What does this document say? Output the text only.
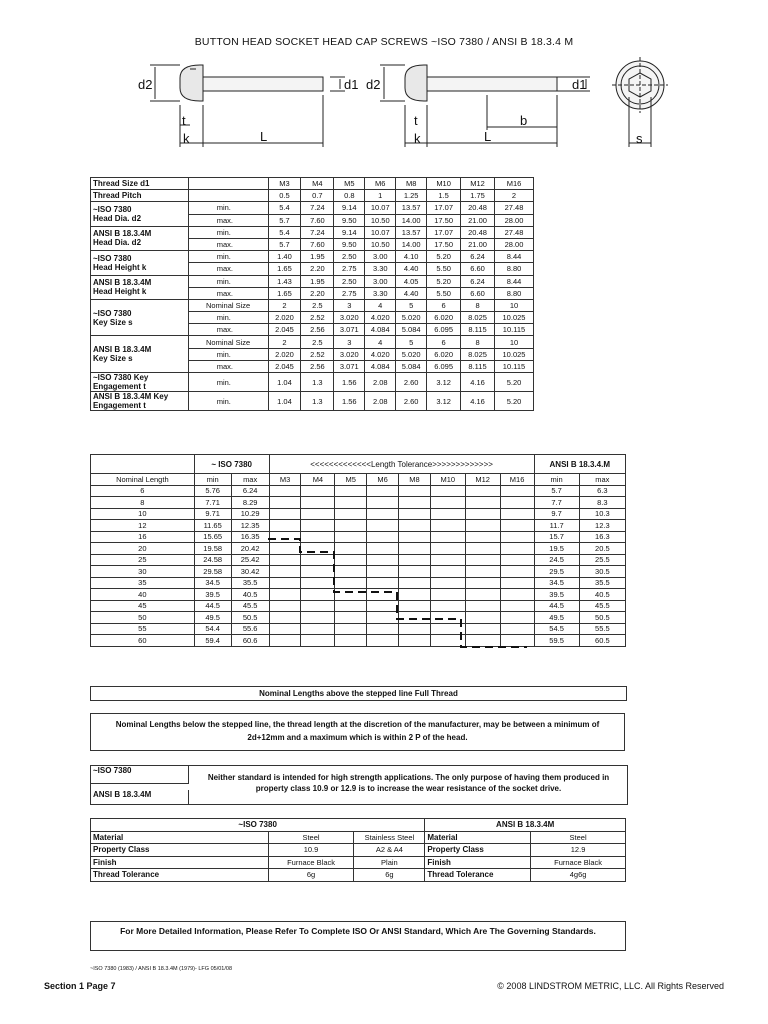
BUTTON HEAD SOCKET HEAD CAP SCREWS ~ISO 7380 / ANSI B 18.3.4 M
d2	d1
t
k	L
d2	d1
t
k	L
b
s
Thread Size d1		M3	M4	M5	M6	M8	M10	M12	M16
Thread Pitch		0.5	0.7	0.8	1	1.25	1.5	1.75	2

~ISO 7380
Head Dia. d2	min.	5.4	7.24	9.14	10.07	13.57	17.07	20.48	27.48
	max.	5.7	7.60	9.50	10.50	14.00	17.50	21.00	28.00

ANSI B 18.3.4M
Head Dia. d2	min.	5.4	7.24	9.14	10.07	13.57	17.07	20.48	27.48
	max.	5.7	7.60	9.50	10.50	14.00	17.50	21.00	28.00

~ISO 7380
Head Height k	min.	1.40	1.95	2.50	3.00	4.10	5.20	6.24	8.44
	max.	1.65	2.20	2.75	3.30	4.40	5.50	6.60	8.80

ANSI B 18.3.4M
Head Height k	min.	1.43	1.95	2.50	3.00	4.05	5.20	6.24	8.44
	max.	1.65	2.20	2.75	3.30	4.40	5.50	6.60	8.80

~ISO 7380
Key Size s	Nominal Size	2	2.5	3	4	5	6	8	10
	min.	2.020	2.52	3.020	4.020	5.020	6.020	8.025	10.025
	max.	2.045	2.56	3.071	4.084	5.084	6.095	8.115	10.115

ANSI B 18.3.4M
Key Size s	Nominal Size	2	2.5	3	4	5	6	8	10
	min.	2.020	2.52	3.020	4.020	5.020	6.020	8.025	10.025
	max.	2.045	2.56	3.071	4.084	5.084	6.095	8.115	10.115

~ISO 7380 Key
Engagement t	min.	1.04	1.3	1.56	2.08	2.60	3.12	4.16	5.20

ANSI B 18.3.4M Key
Engagement t	min.	1.04	1.3	1.56	2.08	2.60	3.12	4.16	5.20
	~ ISO 7380		<<<<<<<<<<<<<Length Tolerance>>>>>>>>>>>>>								ANSI B 18.3.4.M	
Nominal Length	min	max	M3	M4	M5	M6	M8	M10	M12	M16	min	max
6	5.76	6.24									5.7	6.3
8	7.71	8.29									7.7	8.3
10	9.71	10.29									9.7	10.3
12	11.65	12.35									11.7	12.3
16	15.65	16.35									15.7	16.3
20	19.58	20.42									19.5	20.5
25	24.58	25.42									24.5	25.5
30	29.58	30.42									29.5	30.5
35	34.5	35.5									34.5	35.5
40	39.5	40.5									39.5	40.5
45	44.5	45.5									44.5	45.5
50	49.5	50.5									49.5	50.5
55	54.4	55.6									54.5	55.5
60	59.4	60.6									59.5	60.5
Nominal Lengths above the stepped line Full Thread
Nominal Lengths below the stepped line, the thread length at the discretion of the manufacturer, may be between a minimum of 2d+12mm and a maximum which is within 2 P of the head.
~ISO 7380
ANSI B 18.3.4M
Neither standard is intended for high strength applications. The only purpose of having them produced in property class 10.9 or 12.9 is to increase the wear resistance of the socket drive.
~ISO 7380			ANSI B 18.3.4M	
Material	Steel	Stainless Steel	Material	Steel
Property Class	10.9	A2 & A4	Property Class	12.9
Finish	Furnace Black	Plain	Finish	Furnace Black
Thread Tolerance	6g	6g	Thread Tolerance	4g6g
For More Detailed Information, Please Refer To Complete ISO Or ANSI Standard, Which Are The Governing Standards.
~ISO 7380 (1983) / ANSI B 18.3.4M (1979)- LFG 05/01/08
Section 1 Page 7	© 2008 LINDSTROM METRIC, LLC. All Rights Reserved
